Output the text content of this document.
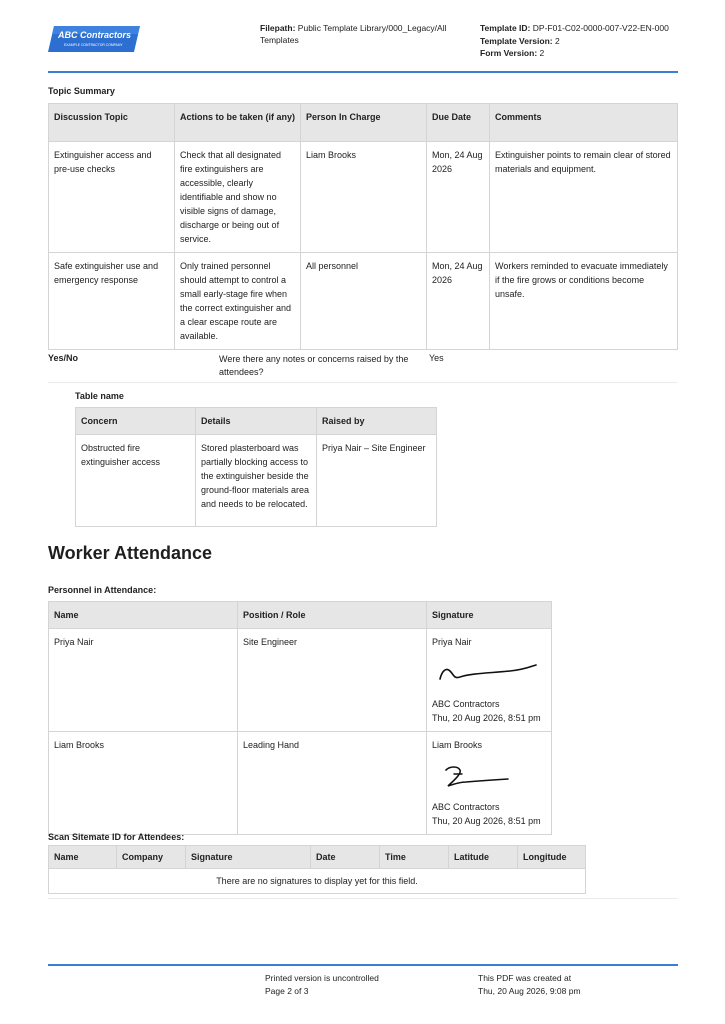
ABC Contractors
EXAMPLE CONTRACTOR COMPANY
Filepath: Public Template Library/000_Legacy/All Templates
Template ID: DP-F01-C02-0000-007-V22-EN-000
Template Version: 2
Form Version: 2
Topic Summary
Discussion Topic	Actions to be taken (if any)	Person In Charge	Due Date	Comments
Extinguisher access and pre-use checks	Check that all designated fire extinguishers are accessible, clearly identifiable and show no visible signs of damage, discharge or being out of service.	Liam Brooks	Mon, 24 Aug 2026	Extinguisher points to remain clear of stored materials and equipment.
Safe extinguisher use and emergency response	Only trained personnel should attempt to control a small early-stage fire when the correct extinguisher and a clear escape route are available.	All personnel	Mon, 24 Aug 2026	Workers reminded to evacuate immediately if the fire grows or conditions become unsafe.
Yes/No	Were there any notes or concerns raised by the attendees?
Yes
Table name
Concern	Details	Raised by
Obstructed fire extinguisher access	Stored plasterboard was partially blocking access to the extinguisher beside the ground-floor materials area and needs to be relocated.	Priya Nair – Site Engineer
Worker Attendance
Personnel in Attendance:
Name	Position / Role	Signature
Priya Nair	Site Engineer	Priya Nair
ABC Contractors
Thu, 20 Aug 2026, 8:51 pm

Liam Brooks	Leading Hand	Liam Brooks
ABC Contractors
Thu, 20 Aug 2026, 8:51 pm
Scan Sitemate ID for Attendees:
Name	Company	Signature	Date	Time	Latitude	Longitude
There are no signatures to display yet for this field.
Printed version is uncontrolled
Page 2 of 3
This PDF was created at
Thu, 20 Aug 2026, 9:08 pm
